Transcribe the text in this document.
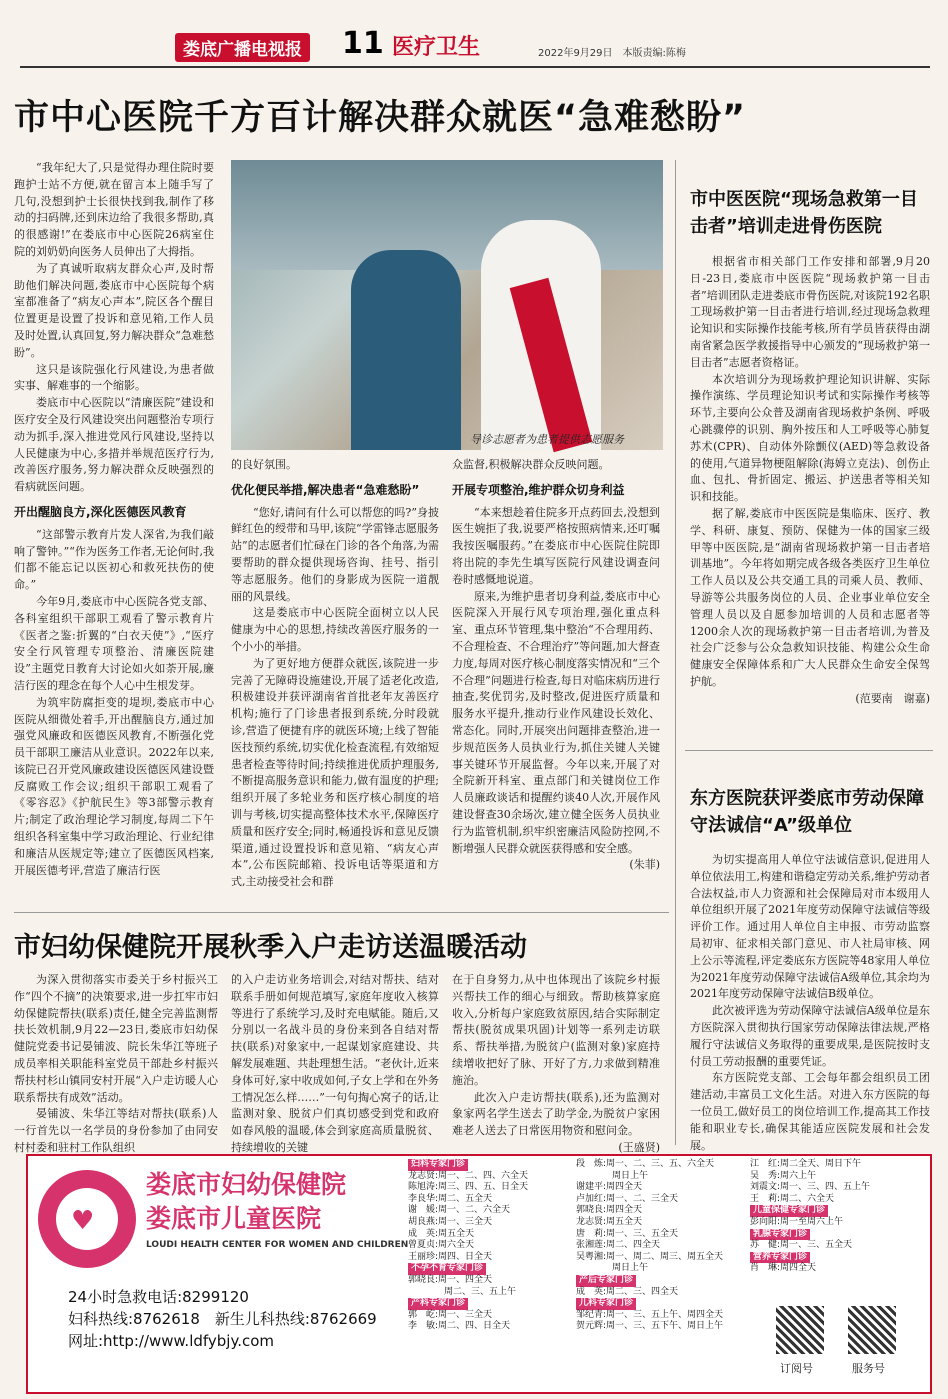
娄底广播电视报 11 医疗卫生	2022年9月29日　本版责编:陈梅
市中心医院千方百计解决群众就医“急难愁盼”

“我年纪大了,只是觉得办理住院时要跑护士站不方便,就在留言本上随手写了几句,没想到护士长很快找到我,制作了移动的扫码牌,还到床边给了我很多帮助,真的很感谢!”在娄底市中心医院26病室住院的刘奶奶向医务人员伸出了大拇指。

为了真诚听取病友群众心声,及时帮助他们解决问题,娄底市中心医院每个病室都准备了“病友心声本”,院区各个醒目位置更是设置了投诉和意见箱,工作人员及时处置,认真回复,努力解决群众“急难愁盼”。

这只是该院强化行风建设,为患者做实事、解难事的一个缩影。

娄底市中心医院以“清廉医院”建设和医疗安全及行风建设突出问题整治专项行动为抓手,深入推进党风行风建设,坚持以人民健康为中心,多措并举规范医疗行为,改善医疗服务,努力解决群众反映强烈的看病就医问题。

开出醒脑良方,深化医德医风教育

“这部警示教育片发人深省,为我们敲响了警钟。”“作为医务工作者,无论何时,我们都不能忘记以医初心和救死扶伤的使命。”

今年9月,娄底市中心医院各党支部、各科室组织干部职工观看了警示教育片《医者之鉴:折翼的“白衣天使”》,“医疗安全行风管理专项整治、清廉医院建设”主题党日教育大讨论如火如荼开展,廉洁行医的理念在每个人心中生根发芽。

为筑牢防腐拒变的堤坝,娄底市中心医院从细微处着手,开出醒脑良方,通过加强党风廉政和医德医风教育,不断强化党员干部职工廉洁从业意识。2022年以来,该院已召开党风廉政建设医德医风建设暨反腐败工作会议;组织干部职工观看了《零容忍》《护航民生》等3部警示教育片;制定了政治理论学习制度,每周二下午组织各科室集中学习政治理论、行业纪律和廉洁从医规定等;建立了医德医风档案,开展医德考评,营造了廉洁行医

导诊志愿者为患者提供志愿服务
的良好氛围。
优化便民举措,解决患者“急难愁盼”

“您好,请问有什么可以帮您的吗?”身披鲜红色的绶带和马甲,该院“学雷锋志愿服务站”的志愿者们忙碌在门诊的各个角落,为需要帮助的群众提供现场咨询、挂号、指引等志愿服务。他们的身影成为医院一道靓丽的风景线。

这是娄底市中心医院全面树立以人民健康为中心的思想,持续改善医疗服务的一个小小的举措。

为了更好地方便群众就医,该院进一步完善了无障碍设施建设,开展了适老化改造,积极建设并获评湖南省首批老年友善医疗机构;施行了门诊患者报到系统,分时段就诊,营造了便捷有序的就医环境;上线了智能医技预约系统,切实优化检查流程,有效缩短患者检查等待时间;持续推进优质护理服务,不断提高服务意识和能力,做有温度的护理;组织开展了多轮业务和医疗核心制度的培训与考核,切实提高整体技术水平,保障医疗质量和医疗安全;同时,畅通投诉和意见反馈渠道,通过设置投诉和意见箱、“病友心声本”,公布医院邮箱、投诉电话等渠道和方式,主动接受社会和群

众监督,积极解决群众反映问题。
开展专项整治,维护群众切身利益

“本来想趁着住院多开点药回去,没想到医生婉拒了我,说要严格按照病情来,还叮嘱我按医嘱服药。”在娄底市中心医院住院即将出院的李先生填写医院行风建设调查问卷时感慨地说道。

原来,为维护患者切身利益,娄底市中心医院深入开展行风专项治理,强化重点科室、重点环节管理,集中整治“不合理用药、不合理检查、不合理治疗”等问题,加大督查力度,每周对医疗核心制度落实情况和“三个不合理”问题进行检查,每日对临床病历进行抽查,奖优罚劣,及时整改,促进医疗质量和服务水平提升,推动行业作风建设长效化、常态化。同时,开展突出问题排查整治,进一步规范医务人员执业行为,抓住关键人关键事关键环节开展监督。今年以来,开展了对全院新开科室、重点部门和关键岗位工作人员廉政谈话和提醒约谈40人次,开展作风建设督查30余场次,建立健全医务人员执业行为监管机制,织牢织密廉洁风险防控网,不断增强人民群众就医获得感和安全感。

(朱菲)
市中医医院“现场急救第一目击者”培训走进骨伤医院

根据省市相关部门工作安排和部署,9月20日-23日,娄底市中医医院“现场救护第一目击者”培训团队走进娄底市骨伤医院,对该院192名职工现场救护第一目击者进行培训,经过现场急救理论知识和实际操作技能考核,所有学员皆获得由湖南省紧急医学救援指导中心颁发的“现场救护第一目击者”志愿者资格证。

本次培训分为现场救护理论知识讲解、实际操作演练、学员理论知识考试和实际操作考核等环节,主要向公众普及湖南省现场救护条例、呼吸心跳骤停的识别、胸外按压和人工呼吸等心肺复苏术(CPR)、自动体外除颤仪(AED)等急救设备的使用,气道异物梗阻解除(海姆立克法)、创伤止血、包扎、骨折固定、搬运、护送患者等相关知识和技能。

据了解,娄底市中医医院是集临床、医疗、教学、科研、康复、预防、保健为一体的国家三级甲等中医医院,是“湖南省现场救护第一目击者培训基地”。今年将如期完成各级各类医疗卫生单位工作人员以及公共交通工具的司乘人员、教师、导游等公共服务岗位的人员、企业事业单位安全管理人员以及自愿参加培训的人员和志愿者等1200余人次的现场救护第一目击者培训,为普及社会广泛参与公众急救知识技能、构建公众生命健康安全保障体系和广大人民群众生命安全保驾护航。

(范要南　谢嘉)
东方医院获评娄底市劳动保障守法诚信“A”级单位

为切实提高用人单位守法诚信意识,促进用人单位依法用工,构建和谐稳定劳动关系,维护劳动者合法权益,市人力资源和社会保障局对市本级用人单位组织开展了2021年度劳动保障守法诚信等级评价工作。通过用人单位自主申报、市劳动监察局初审、征求相关部门意见、市人社局审核、网上公示等流程,评定娄底东方医院等48家用人单位为2021年度劳动保障守法诚信A级单位,其余均为2021年度劳动保障守法诚信B级单位。

此次被评选为劳动保障守法诚信A级单位是东方医院深入贯彻执行国家劳动保障法律法规,严格履行守法诚信义务取得的重要成果,是医院按时支付员工劳动报酬的重要凭证。

东方医院党支部、工会每年都会组织员工团建活动,丰富员工文化生活。对进入东方医院的每一位员工,做好员工的岗位培训工作,提高其工作技能和职业专长,确保其能适应医院发展和社会发展。

市妇幼保健院开展秋季入户走访送温暖活动

为深入贯彻落实市委关于乡村振兴工作“四个不摘”的决策要求,进一步扛牢市妇幼保健院帮扶(联系)责任,健全完善监测帮扶长效机制,9月22—23日,娄底市妇幼保健院党委书记晏铺波、院长朱华江等班子成员率相关职能科室党员干部赴乡村振兴帮扶村杉山镇同安村开展“入户走访暖人心联系帮扶有成效”活动。

晏铺波、朱华江等结对帮扶(联系)人一行首先以一名学员的身份参加了由同安村村委和驻村工作队组织

的入户走访业务培训会,对结对帮扶、结对联系手册如何规范填写,家庭年度收入核算等进行了系统学习,及时充电赋能。随后,又分别以一名战斗员的身份来到各自结对帮扶(联系)对象家中,一起谋划家庭建设、共解发展难题、共赴理想生活。“老伙计,近来身体可好,家中收成如何,子女上学和在外务工情况怎么样……”一句句掏心窝子的话,让监测对象、脱贫户们真切感受到党和政府如春风般的温暖,体会到家庭高质量脱贫、持续增收的关键
在于自身努力,从中也体现出了该院乡村振兴帮扶工作的细心与细致。帮助核算家庭收入,分析每户家庭致贫原因,结合实际制定帮扶(脱贫成果巩固)计划等一系列走访联系、帮扶举措,为脱贫户(监测对象)家庭持续增收把好了脉、开好了方,力求做到精准施治。

此次入户走访帮扶(联系),还为监测对象家两名学生送去了助学金,为脱贫户家困难老人送去了日常医用物资和慰问金。

(王盛贤)
♥
娄底市妇幼保健院
娄底市儿童医院
LOUDI HEALTH CENTER FOR WOMEN AND CHILDREN
24小时急救电话:8299120
妇科热线:8762618　新生儿科热线:8762669
网址:http://www.ldfybjy.com
妇科专家门诊
龙志贤:周一、二、四、六全天
陈旭涛:周三、四、五、日全天
李良华:周二、五全天
谢　媛:周一、二、六全天
胡良燕:周一、三全天
成　英:周五全天
曾夏贞:周六全天
王丽珍:周四、日全天
不孕不育专家门诊
郭晓良:周一、四全天
　　　　周二、三、五上午
产科专家门诊
郭　屹:周一、三全天
李　敏:周二、四、日全天
段　炼:周一、二、三、五、六全天
　　　　周日上午
谢建平:周四全天
卢加红:周一、二、三全天
郭晓良:周四全天
龙志贤:周五全天
唐　莉:周一、三、五全天
张湘莲:周二、四全天
吴粤湘:周一、周二、周三、周五全天
　　　　周日上午
产后专家门诊
成　英:周二、三、四全天
儿科专家门诊
邹纪青:周一、三、五上午、周四全天
贺元辉:周一、三、五下午、周日上午
江　红:周二全天、周日下午
吴　秀:周六上午
刘震文:周一、三、四、五上午
王　莉:周二、六全天
儿童保健专家门诊
彭向阳:周一至周六上午
乳腺专家门诊
苏　健:周一、三、五全天
营养专家门诊
肖　琳:周四全天
订阅号	服务号
